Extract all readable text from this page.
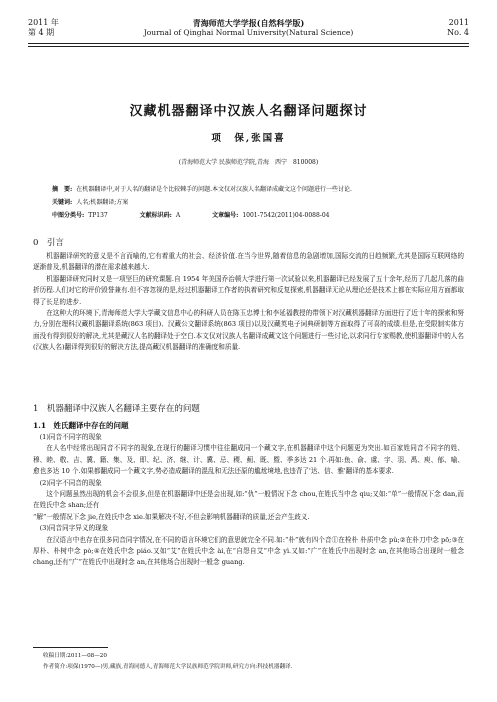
2011 年
第 4 期
青海师范大学学报(自然科学版)
Journal of Qinghai Normal University(Natural Science)
2011
No. 4
汉藏机器翻译中汉族人名翻译问题探讨
项　保,张国喜
(青海师范大学 民族师范学院,青海　西宁　810008)
摘　要: 在机器翻译中,对于人名的翻译是个比较棘手的问题.本文仅对汉族人名翻译成藏文这个问题进行一些讨论.
关键词: 人名;机器翻译;方案
中图分类号: TP137	文献标识码: A	文章编号: 1001-7542(2011)04-0088-04
0　引言

机器翻译研究的意义是不言而喻的,它有着重大的社会、经济价值.在当今世界,随着信息的急剧增加,国际交流的日趋频繁,尤其是国际互联网络的逐渐普及,机器翻译的潜在需求越来越大.

机器翻译研究同时又是一项坚巨的研究课题.自 1954 年美国乔治顿大学进行第一次试验以来,机器翻译已经发展了五十余年,经历了几起几落的曲折历程.人们对它的评价毁誉兼有.但不容忽视的是,经过机器翻译工作者的执着研究和反复探索,机器翻译无论从理论还是技术上都在实际应用方面都取得了长足的进步.

在这种大的环境下,青海师范大学大学藏文信息中心的科研人员在陈玉忠博士和李延福教授的带领下对汉藏机器翻译方面进行了近十年的探索和努力,分别在理科汉藏机器翻译系统(863 项目)、汉藏公文翻译系统(863 项目)以及汉藏英电子词典研制等方面取得了可喜的成绩.但是,在受限制实体方面没有得到很好的解决,尤其是藏汉人名的翻译处于空白.本文仅对汉族人名翻译成藏文这个问题进行一些讨论,以求同行专家赐教,使机器翻译中的人名(汉族人名)翻译得到很好的解决方法,提高藏汉机器翻译的准确度和质量.

1　机器翻译中汉族人名翻译主要存在的问题
1.1　姓氏翻译中存在的问题

(1)同音不同字的现象

在人名中经常出现同音不同字的现象,在现行的翻译习惯中往往翻成同一个藏文字,在机器翻译中这个问题更为突出.如百家姓同音不同字的姓、穆、睦、敬、吉、冀、籍、集、及、即、纪、济、继、计、冀、忌、稷、薊、既、暨、季多达 21 个.再如:鱼、俞、虞、宇、羽、禹、庾、郁、喻、愈也多达 10 个.如果都翻成同一个藏文字,势必造成翻译的混乱和无法还原的尴尬境地,也违背了'达、信、雅'翻译的基本要求.

(2)同字不同音的现象

这个问题虽然出现的机会不会很多,但是在机器翻译中还是会出现,如:“仇”一般情况下念 chou,在姓氏当中念 qiu;又如:“单”一般情况下念 dan,而在姓氏中念 shan;还有

“解”一般情况下念 jie,在姓氏中念 xie.如果解决不好,不但会影响机器翻译的质量,还会产生歧义.

(3)同音同字异义的现象

在汉语言中也存在很多同音同字情况,在不同的语言环境它们的意思就完全不同.如:“朴”就有四个音①在栓朴 朴质中念 pǔ;②在朴刀中念 pō;③在厚朴、朴树中念 pò;④在姓氏中念 piáo.又如“艾”在姓氏中念 ài,在“自怨自艾”中念 yì.又如:“广”在姓氏中出现时念 an,在其他场合出现时一般念 chang,还有“广”在姓氏中出现时念 an,在其他场合出现时一般念 guang.

收稿日期:2011—08—20
作者简介:项保(1970—)男,藏族,青海同德人,青海师范大学民族师范学院讲师,研究方向:科技机器翻译.
